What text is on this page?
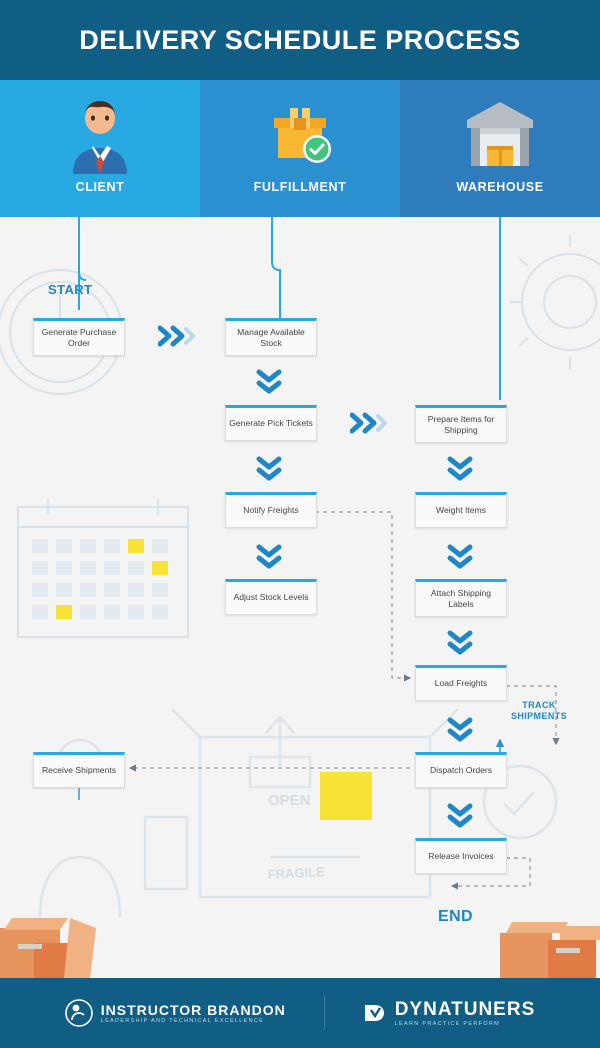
DELIVERY SCHEDULE PROCESS
CLIENT	FULFILLMENT	WAREHOUSE
OPEN
FRAGILE
START
END
TRACK
SHIPMENTS
Generate Purchase Order
Manage Available Stock
Generate Pick Tickets	Prepare Items for Shipping
Notify Freights	Weight Items
Adjust Stock Levels	Attach Shipping Labels
Load Freights
Receive Shipments	Dispatch Orders
Release Invoices
INSTRUCTOR BRANDON
LEADERSHIP AND TECHNICAL EXCELLENCE
DYNATUNERS
LEARN PRACTICE PERFORM
